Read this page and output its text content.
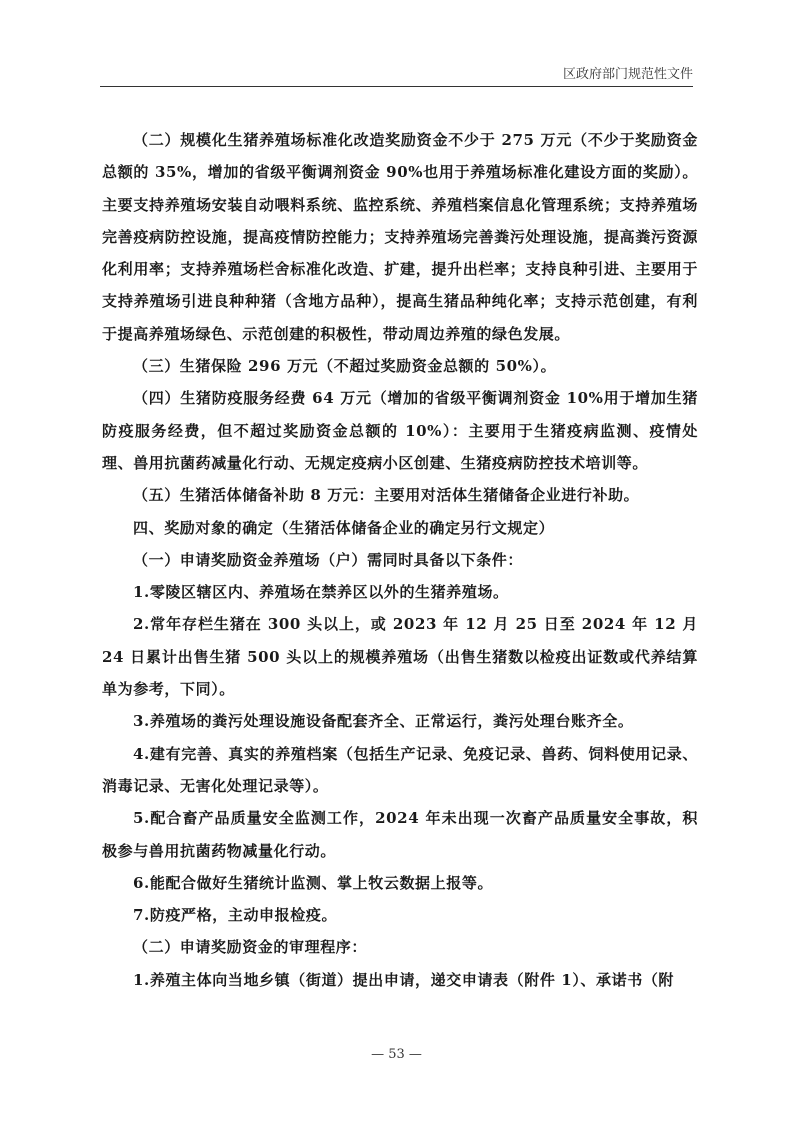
区政府部门规范性文件

（二）规模化生猪养殖场标准化改造奖励资金不少于 275 万元（不少于奖励资金总额的 35%，增加的省级平衡调剂资金 90%也用于养殖场标准化建设方面的奖励）。主要支持养殖场安装自动喂料系统、监控系统、养殖档案信息化管理系统；支持养殖场完善疫病防控设施，提高疫情防控能力；支持养殖场完善粪污处理设施，提高粪污资源化利用率；支持养殖场栏舍标准化改造、扩建，提升出栏率；支持良种引进、主要用于支持养殖场引进良种种猪（含地方品种），提高生猪品种纯化率；支持示范创建，有利于提高养殖场绿色、示范创建的积极性，带动周边养殖的绿色发展。

（三）生猪保险 296 万元（不超过奖励资金总额的 50%）。

（四）生猪防疫服务经费 64 万元（增加的省级平衡调剂资金 10%用于增加生猪防疫服务经费，但不超过奖励资金总额的 10%）：主要用于生猪疫病监测、疫情处理、兽用抗菌药减量化行动、无规定疫病小区创建、生猪疫病防控技术培训等。

（五）生猪活体储备补助 8 万元：主要用对活体生猪储备企业进行补助。

四、奖励对象的确定（生猪活体储备企业的确定另行文规定）

（一）申请奖励资金养殖场（户）需同时具备以下条件：

1.零陵区辖区内、养殖场在禁养区以外的生猪养殖场。

2.常年存栏生猪在 300 头以上，或 2023 年 12 月 25 日至 2024 年 12 月 24 日累计出售生猪 500 头以上的规模养殖场（出售生猪数以检疫出证数或代养结算单为参考，下同）。

3.养殖场的粪污处理设施设备配套齐全、正常运行，粪污处理台账齐全。

4.建有完善、真实的养殖档案（包括生产记录、免疫记录、兽药、饲料使用记录、消毒记录、无害化处理记录等）。

5.配合畜产品质量安全监测工作，2024 年未出现一次畜产品质量安全事故，积极参与兽用抗菌药物减量化行动。

6.能配合做好生猪统计监测、掌上牧云数据上报等。

7.防疫严格，主动申报检疫。

（二）申请奖励资金的审理程序：

1.养殖主体向当地乡镇（街道）提出申请，递交申请表（附件 1）、承诺书（附

— 53 —
